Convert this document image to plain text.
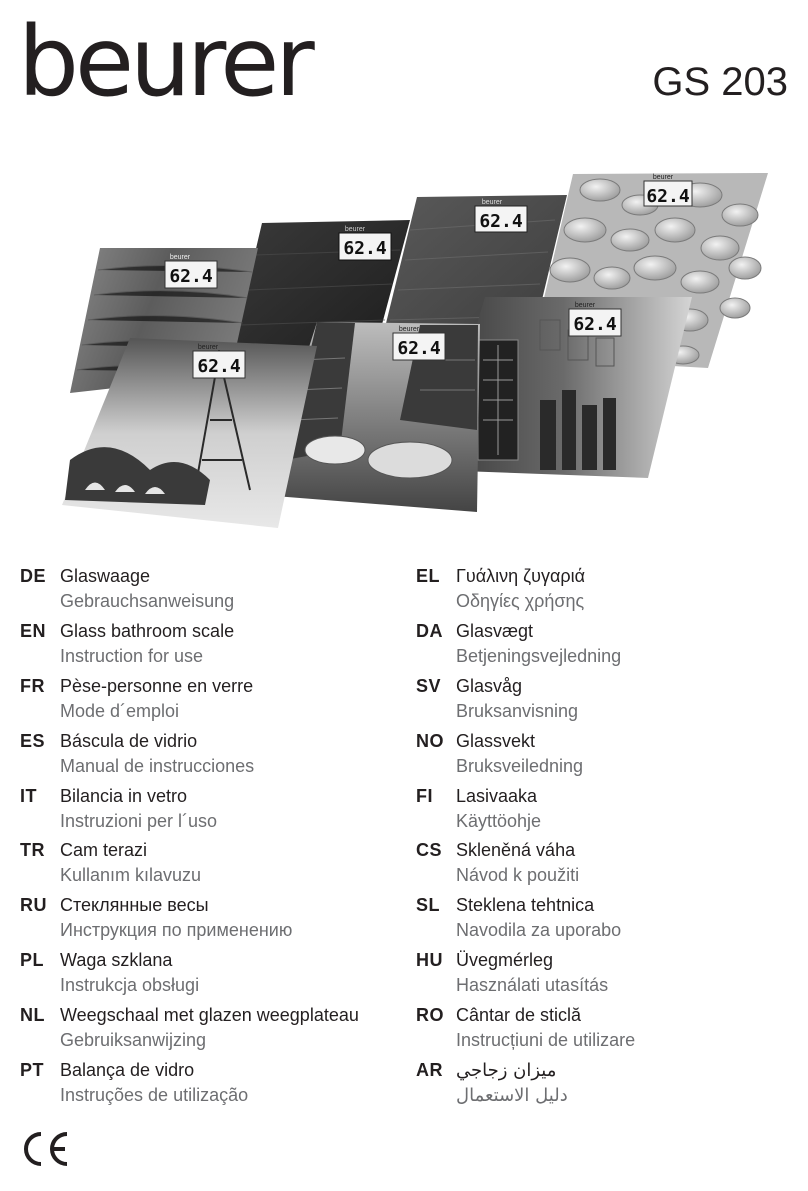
beurer	GS 203
62.4
beurer
62.4
beurer
62.4
beurer
62.4
beurer
62.4
beurer
62.4
beurer
62.4
beurer
DE Glaswaage
Gebrauchsanweisung
EN Glass bathroom scale
Instruction for use
FR Pèse-personne en verre
Mode d´emploi
ES Báscula de vidrio
Manual de instrucciones
IT Bilancia in vetro
Instruzioni per l´uso
TR Cam terazi
Kullanım kılavuzu
RU Стеклянные весы
Инструкция по применению
PL Waga szklana
Instrukcja obsługi
NL Weegschaal met glazen weegplateau
Gebruiksanwijzing
PT Balança de vidro
Instruções de utilização
EL Γυάλινη ζυγαριά
Οδηγίες χρήσης
DA Glasvægt
Betjeningsvejledning
SV Glasvåg
Bruksanvisning
NO Glassvekt
Bruksveiledning
FI Lasivaaka
Käyttöohje
CS Skleněná váha
Návod k použiti
SL Steklena tehtnica
Navodila za uporabo
HU Üvegmérleg
Használati utasítás
RO Cântar de sticlă
Instrucțiuni de utilizare
AR ميزان زجاجي
دليل الاستعمال
